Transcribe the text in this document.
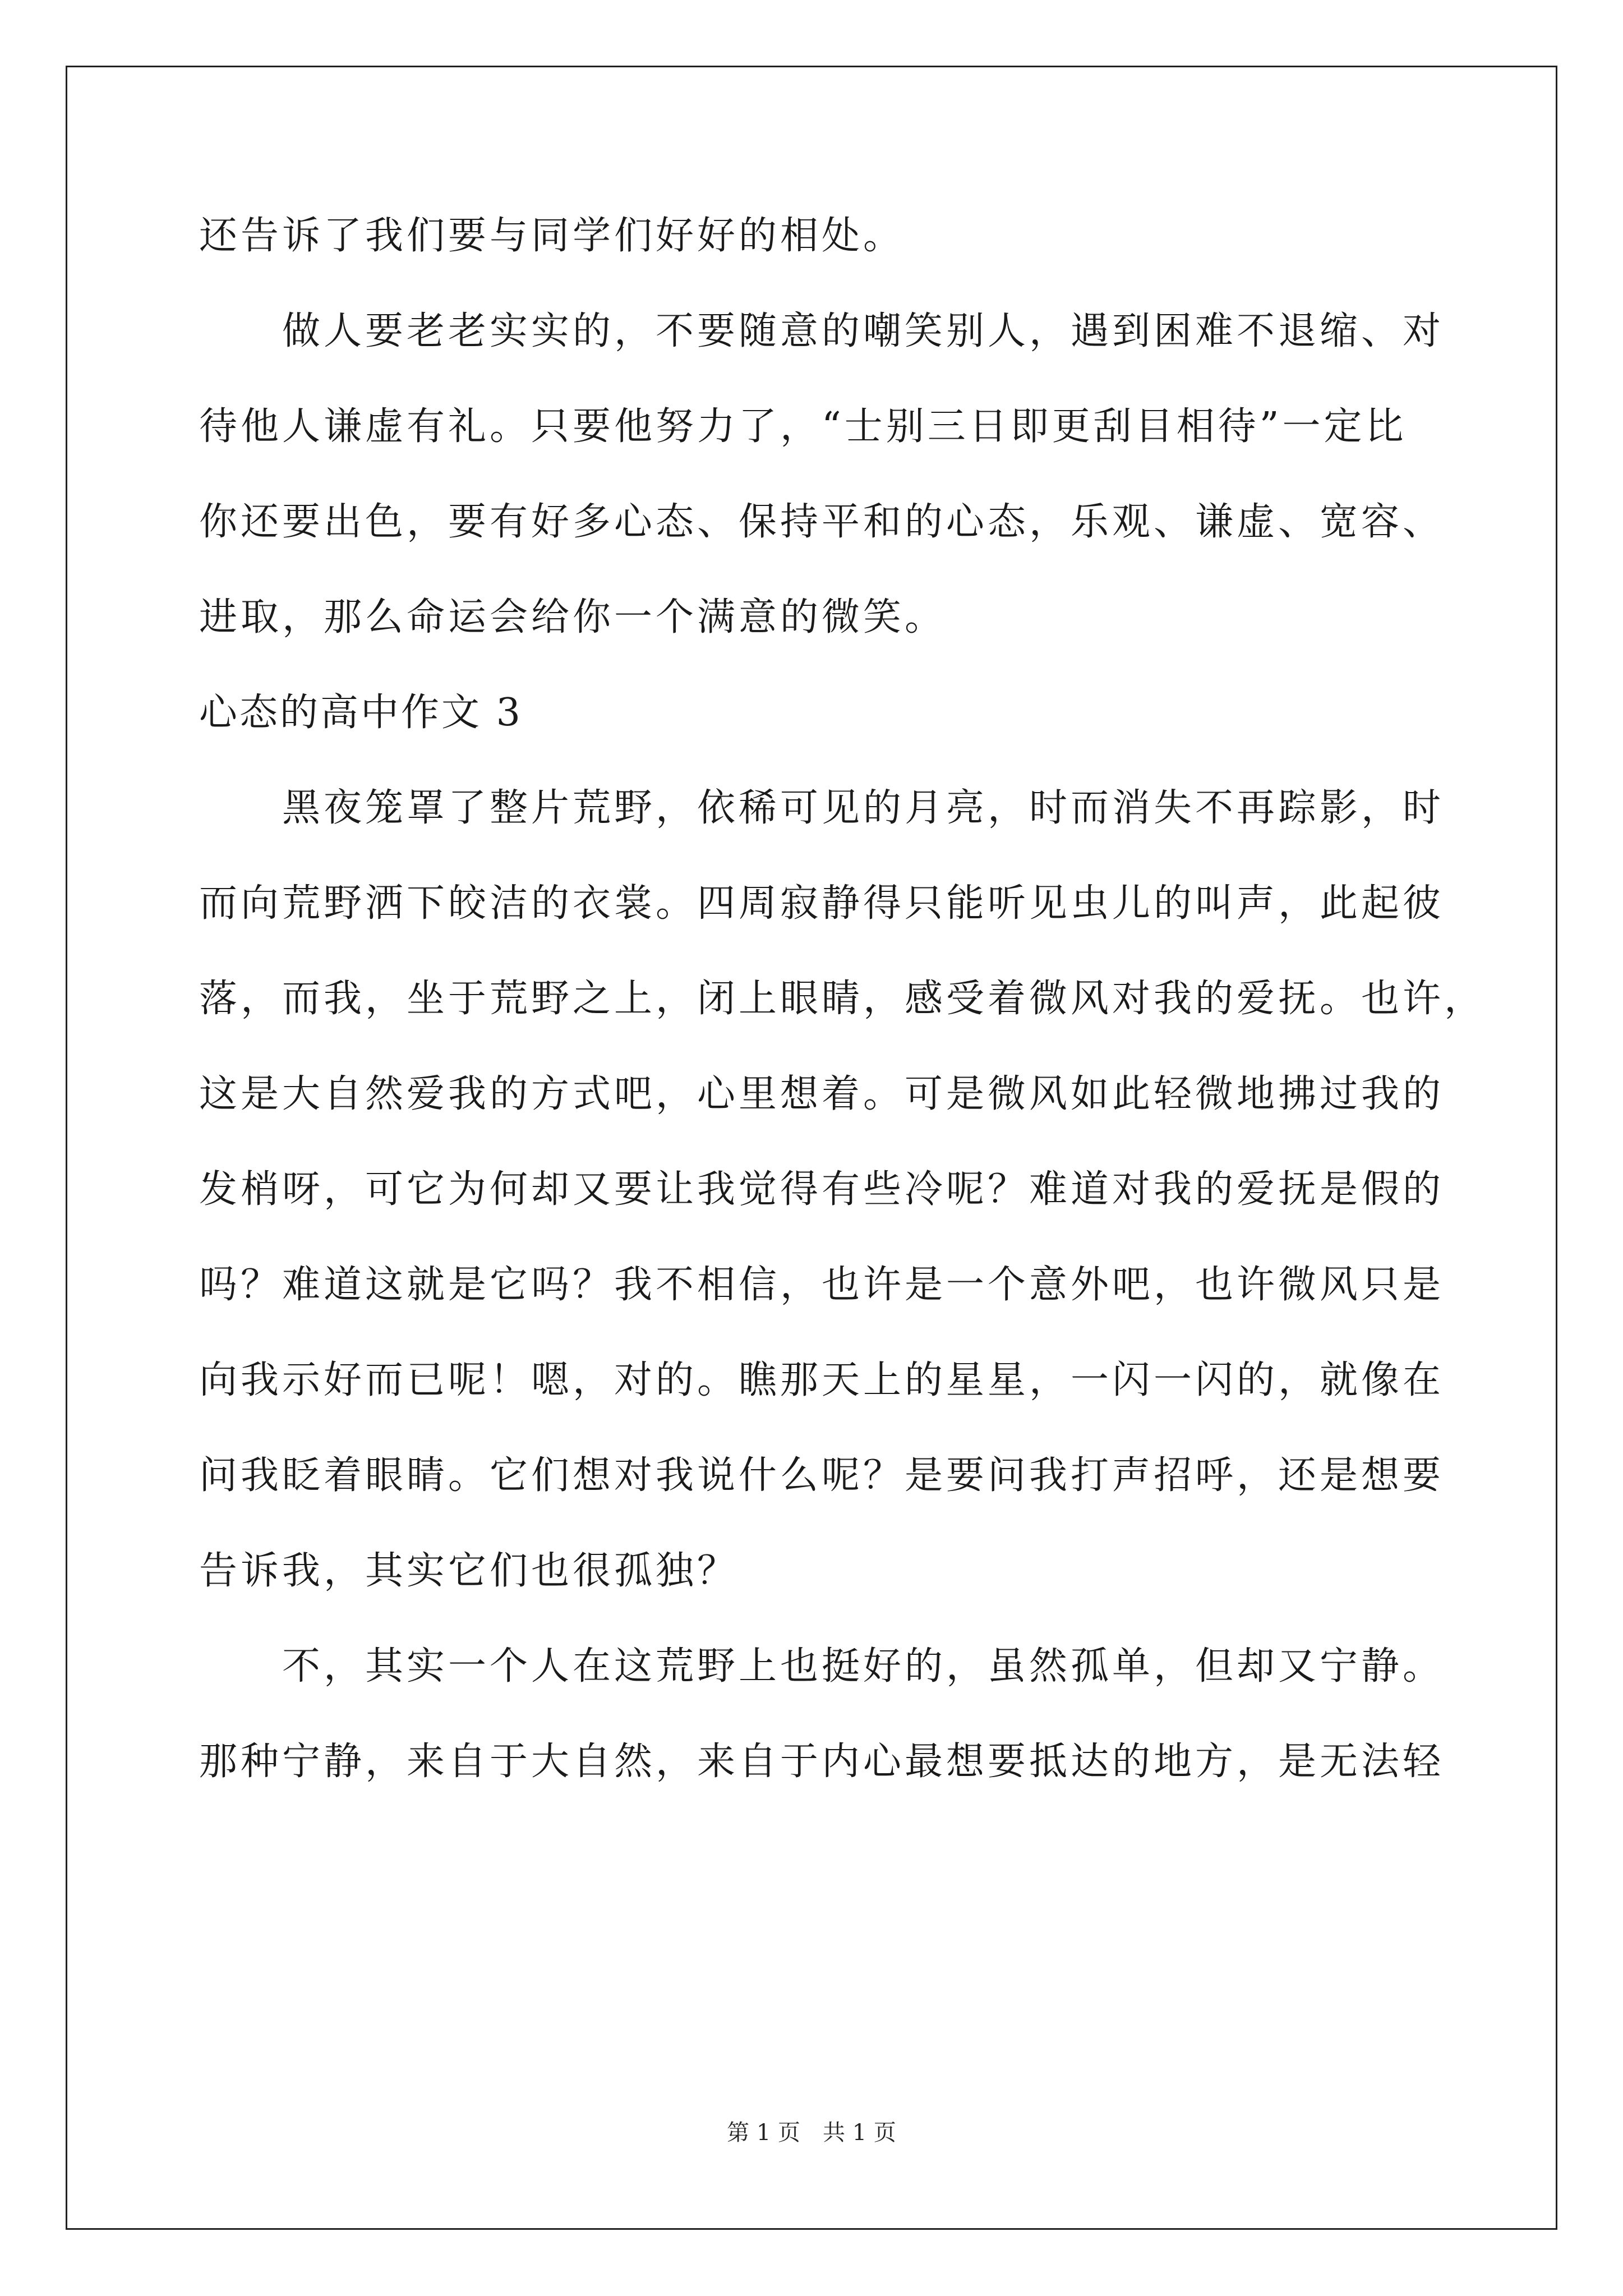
还告诉了我们要与同学们好好的相处。
做人要老老实实的，不要随意的嘲笑别人，遇到困难不退缩、对
待他人谦虚有礼。只要他努力了，“士别三日即更刮目相待”一定比
你还要出色，要有好多心态、保持平和的心态，乐观、谦虚、宽容、
进取，那么命运会给你一个满意的微笑。
心态的高中作文 3
黑夜笼罩了整片荒野，依稀可见的月亮，时而消失不再踪影，时
而向荒野洒下皎洁的衣裳。四周寂静得只能听见虫儿的叫声，此起彼
落，而我，坐于荒野之上，闭上眼睛，感受着微风对我的爱抚。也许，
这是大自然爱我的方式吧，心里想着。可是微风如此轻微地拂过我的
发梢呀，可它为何却又要让我觉得有些冷呢？难道对我的爱抚是假的
吗？难道这就是它吗？我不相信，也许是一个意外吧，也许微风只是
向我示好而已呢！嗯，对的。瞧那天上的星星，一闪一闪的，就像在
问我眨着眼睛。它们想对我说什么呢？是要问我打声招呼，还是想要
告诉我，其实它们也很孤独？
不，其实一个人在这荒野上也挺好的，虽然孤单，但却又宁静。
那种宁静，来自于大自然，来自于内心最想要抵达的地方，是无法轻
第 1 页　共 1 页
